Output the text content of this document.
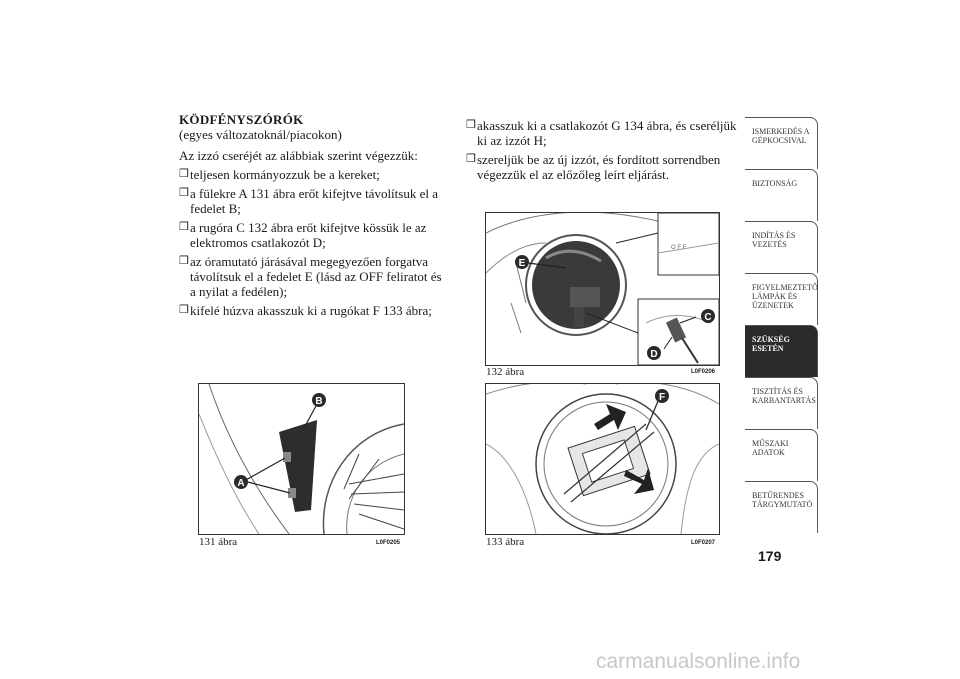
KÖDFÉNYSZÓRÓK
(egyes változatoknál/piacokon)
Az izzó cseréjét az alábbiak szerint végezzük:
❒ teljesen kormányozzuk be a kereket;
❒ a fülekre A 131 ábra erőt kifejtve távolítsuk el a fedelet B;
❒ a rugóra C 132 ábra erőt kifejtve kössük le az elektromos csatlakozót D;
❒ az óramutató járásával megegyezően forgatva távolítsuk el a fedelet E (lásd az OFF feliratot és a nyilat a fedélen);
❒ kifelé húzva akasszuk ki a rugókat F 133 ábra;
❒ akasszuk ki a csatlakozót G 134 ábra, és cseréljük ki az izzót H;
❒ szereljük be az új izzót, és fordított sorrendben végezzük el az előzőleg leírt eljárást.
A
B
131 ábra	L0F0205
O F F
E
C
D
132 ábra	L0F0206
F
133 ábra	L0F0207
ISMERKEDÉS A GÉPKOCSIVAL
BIZTONSÁG
INDÍTÁS ÉS VEZETÉS
FIGYELMEZTETŐ LÁMPÁK ÉS ÜZENETEK
SZÜKSÉG ESETÉN
TISZTÍTÁS ÉS KARBANTARTÁS
MŰSZAKI ADATOK
BETŰRENDES TÁRGYMUTATÓ
179
carmanualsonline.info
